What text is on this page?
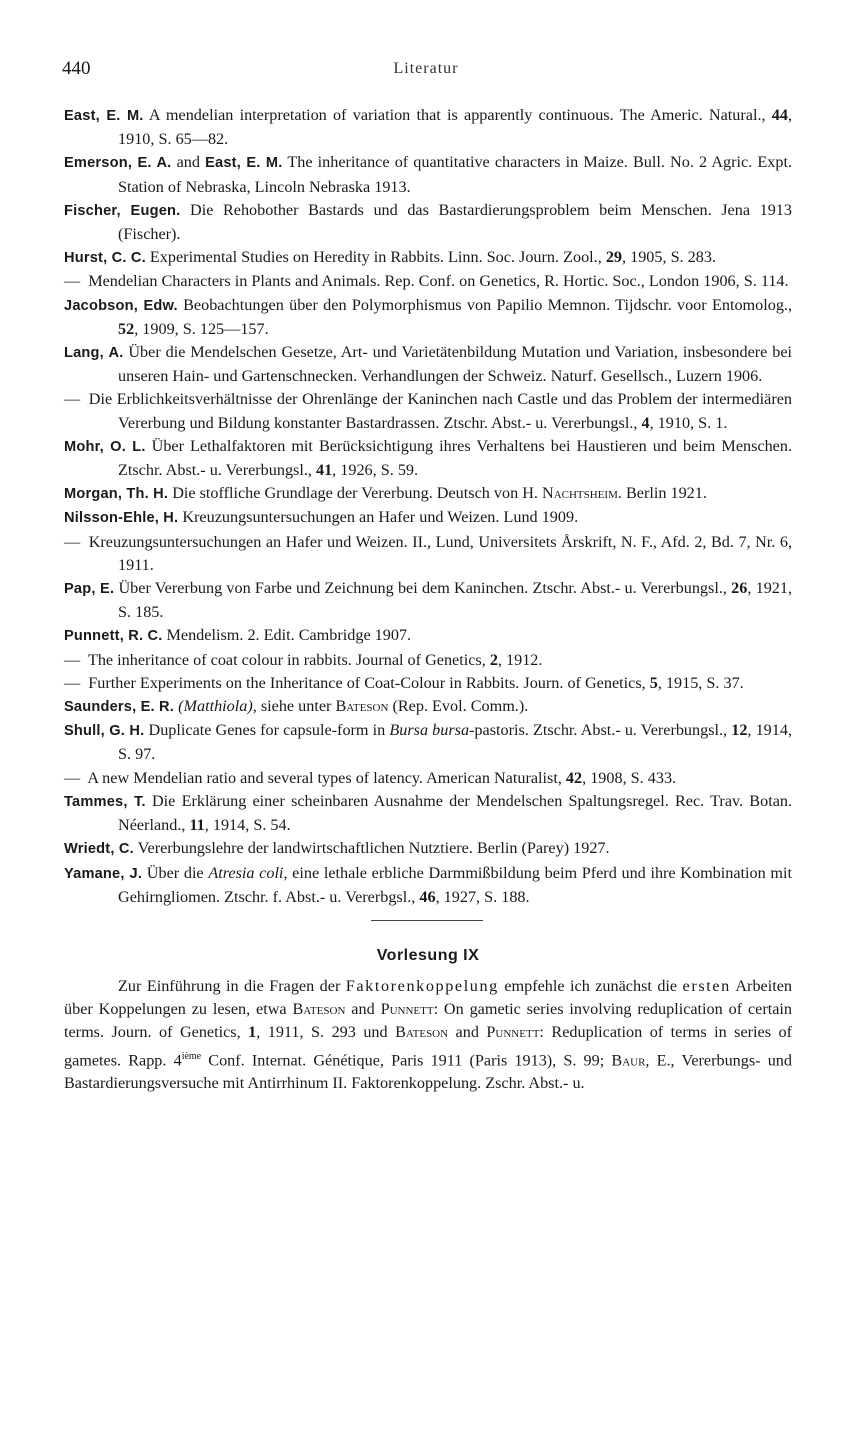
440	Literatur
East, E. M. A mendelian interpretation of variation that is apparently continuous. The Americ. Natural., 44, 1910, S. 65—82.
Emerson, E. A. and East, E. M. The inheritance of quantitative characters in Maize. Bull. No. 2 Agric. Expt. Station of Nebraska, Lincoln Nebraska 1913.
Fischer, Eugen. Die Rehobother Bastards und das Bastardierungsproblem beim Menschen. Jena 1913 (Fischer).
Hurst, C. C. Experimental Studies on Heredity in Rabbits. Linn. Soc. Journ. Zool., 29, 1905, S. 283.
— Mendelian Characters in Plants and Animals. Rep. Conf. on Genetics, R. Hortic. Soc., London 1906, S. 114.
Jacobson, Edw. Beobachtungen über den Polymorphismus von Papilio Memnon. Tijdschr. voor Entomolog., 52, 1909, S. 125—157.
Lang, A. Über die Mendelschen Gesetze, Art- und Varietätenbildung Mutation und Variation, insbesondere bei unseren Hain- und Gartenschnecken. Verhandlungen der Schweiz. Naturf. Gesellsch., Luzern 1906.
— Die Erblichkeitsverhältnisse der Ohrenlänge der Kaninchen nach Castle und das Problem der intermediären Vererbung und Bildung konstanter Bastardrassen. Ztschr. Abst.- u. Vererbungsl., 4, 1910, S. 1.
Mohr, O. L. Über Lethalfaktoren mit Berücksichtigung ihres Verhaltens bei Haustieren und beim Menschen. Ztschr. Abst.- u. Vererbungsl., 41, 1926, S. 59.
Morgan, Th. H. Die stoffliche Grundlage der Vererbung. Deutsch von H. Nachtsheim. Berlin 1921.
Nilsson-Ehle, H. Kreuzungsuntersuchungen an Hafer und Weizen. Lund 1909.
— Kreuzungsuntersuchungen an Hafer und Weizen. II., Lund, Universitets Årskrift, N. F., Afd. 2, Bd. 7, Nr. 6, 1911.
Pap, E. Über Vererbung von Farbe und Zeichnung bei dem Kaninchen. Ztschr. Abst.- u. Vererbungsl., 26, 1921, S. 185.
Punnett, R. C. Mendelism. 2. Edit. Cambridge 1907.
— The inheritance of coat colour in rabbits. Journal of Genetics, 2, 1912.
— Further Experiments on the Inheritance of Coat-Colour in Rabbits. Journ. of Genetics, 5, 1915, S. 37.
Saunders, E. R. (Matthiola), siehe unter Bateson (Rep. Evol. Comm.).
Shull, G. H. Duplicate Genes for capsule-form in Bursa bursa-pastoris. Ztschr. Abst.- u. Vererbungsl., 12, 1914, S. 97.
— A new Mendelian ratio and several types of latency. American Naturalist, 42, 1908, S. 433.
Tammes, T. Die Erklärung einer scheinbaren Ausnahme der Mendelschen Spaltungsregel. Rec. Trav. Botan. Néerland., 11, 1914, S. 54.
Wriedt, C. Vererbungslehre der landwirtschaftlichen Nutztiere. Berlin (Parey) 1927.
Yamane, J. Über die Atresia coli, eine lethale erbliche Darmmißbildung beim Pferd und ihre Kombination mit Gehirngliomen. Ztschr. f. Abst.- u. Vererbgsl., 46, 1927, S. 188.
Vorlesung IX
Zur Einführung in die Fragen der Faktorenkoppelung empfehle ich zunächst die ersten Arbeiten über Koppelungen zu lesen, etwa Bateson and Punnett: On gametic series involving reduplication of certain terms. Journ. of Genetics, 1, 1911, S. 293 und Bateson and Punnett: Reduplication of terms in series of gametes. Rapp. 4ième Conf. Internat. Génétique, Paris 1911 (Paris 1913), S. 99; Baur, E., Vererbungs- und Bastardierungsversuche mit Antirrhinum II. Faktorenkoppelung. Zschr. Abst.- u.
